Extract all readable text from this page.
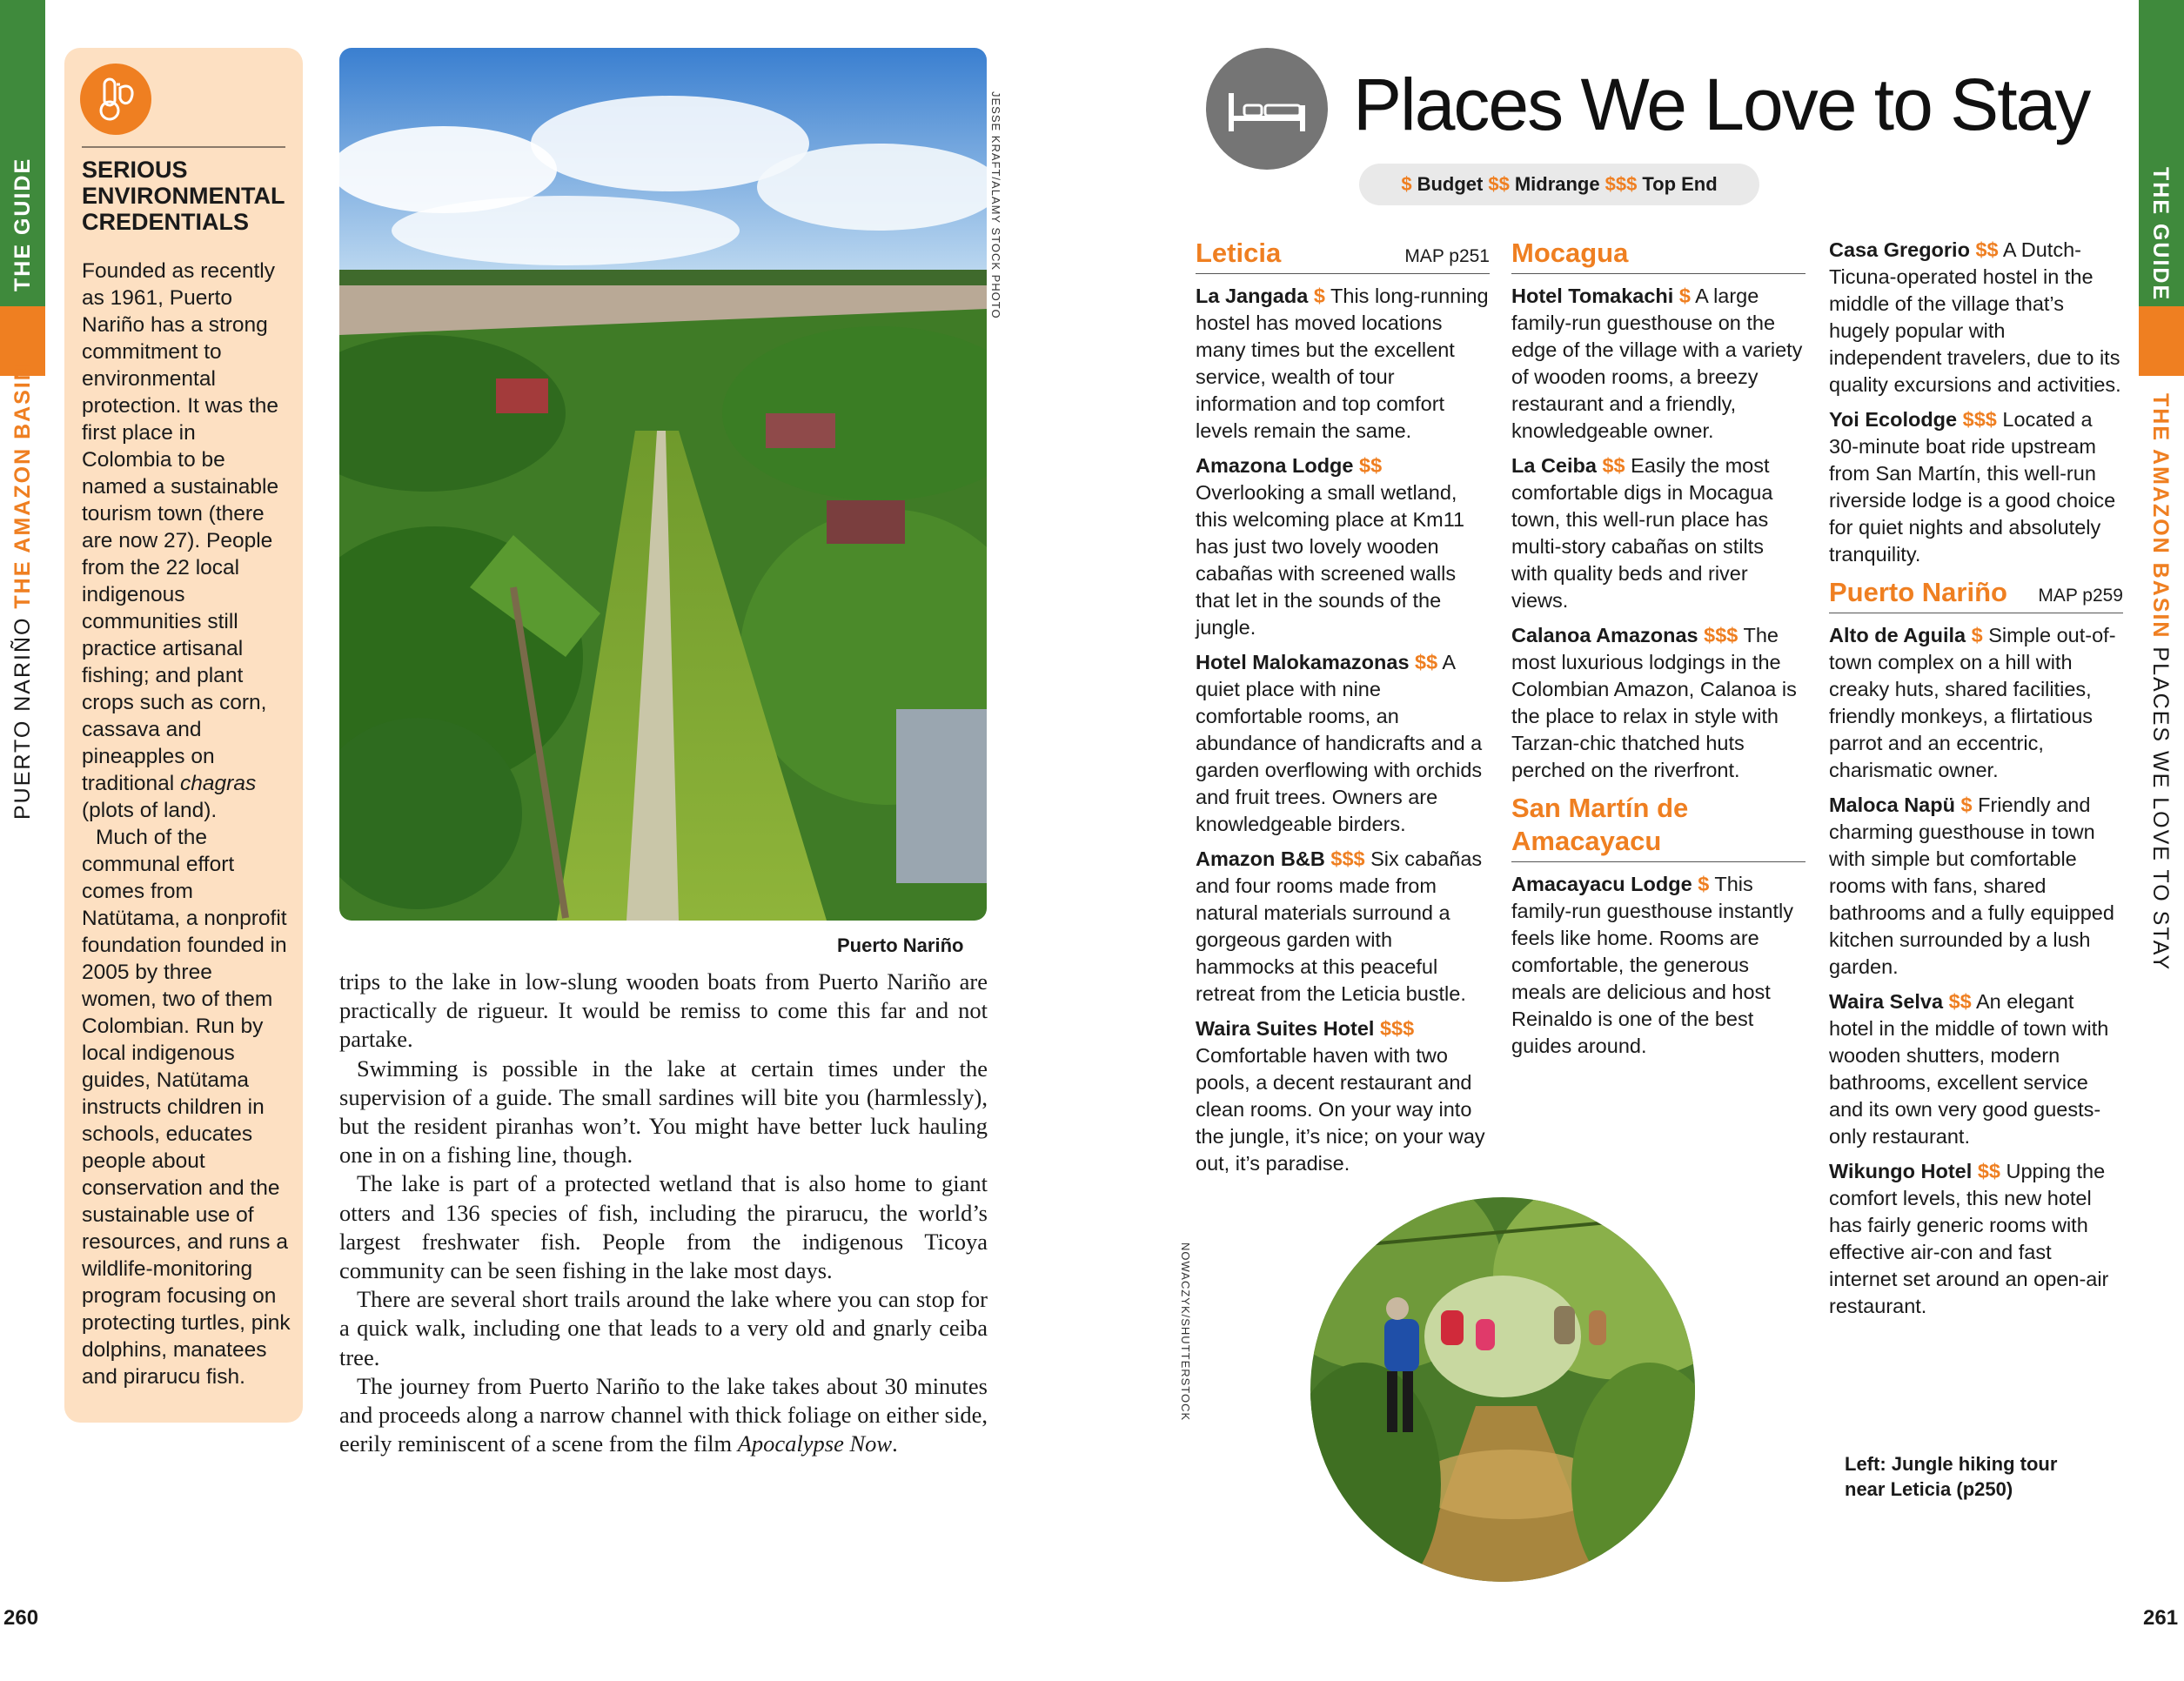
THE GUIDE
PUERTO NARIÑO THE AMAZON BASIN
SERIOUS ENVIRONMENTAL CREDENTIALS

Founded as recently as 1961, Puerto Nariño has a strong commitment to environmental protection. It was the first place in Colombia to be named a sustainable tourism town (there are now 27). People from the 22 local indigenous communities still practice artisanal fishing; and plant crops such as corn, cassava and pineapples on traditional chagras (plots of land).

Much of the communal effort comes from Natütama, a nonprofit foundation founded in 2005 by three women, two of them Colombian. Run by local indigenous guides, Natütama instructs children in schools, educates people about conservation and the sustainable use of resources, and runs a wildlife-monitoring program focusing on protecting turtles, pink dolphins, manatees and pirarucu fish.

JESSE KRAFT/ALAMY STOCK PHOTO
Puerto Nariño

trips to the lake in low-slung wooden boats from Puerto Nariño are practically de rigueur. It would be remiss to come this far and not partake.

Swimming is possible in the lake at certain times under the supervision of a guide. The small sardines will bite you (harmlessly), but the resident piranhas won’t. You might have better luck hauling one in on a fishing line, though.

The lake is part of a protected wetland that is also home to giant otters and 136 species of fish, including the pirarucu, the world’s largest freshwater fish. People from the indigenous Ticoya community can be seen fishing in the lake most days.

There are several short trails around the lake where you can stop for a quick walk, including one that leads to a very old and gnarly ceiba tree.

The journey from Puerto Nariño to the lake takes about 30 minutes and proceeds along a narrow channel with thick foliage on either side, eerily reminiscent of a scene from the film Apocalypse Now.

260
Places We Love to Stay
$ Budget $$ Midrange $$$ Top End
Leticia	MAP p251
La Jangada $ This long-running hostel has moved locations many times but the excellent service, wealth of tour information and top comfort levels remain the same.
Amazona Lodge $$ Overlooking a small wetland, this welcoming place at Km11 has just two lovely wooden cabañas with screened walls that let in the sounds of the jungle.
Hotel Malokamazonas $$ A quiet place with nine comfortable rooms, an abundance of handicrafts and a garden overflowing with orchids and fruit trees. Owners are knowledgeable birders.
Amazon B&B $$$ Six cabañas and four rooms made from natural materials surround a gorgeous garden with hammocks at this peaceful retreat from the Leticia bustle.
Waira Suites Hotel $$$ Comfortable haven with two pools, a decent restaurant and clean rooms. On your way into the jungle, it’s nice; on your way out, it’s paradise.
Mocagua
Hotel Tomakachi $ A large family-run guesthouse on the edge of the village with a variety of wooden rooms, a breezy restaurant and a friendly, knowledgeable owner.
La Ceiba $$ Easily the most comfortable digs in Mocagua town, this well-run place has multi-story cabañas on stilts with quality beds and river views.
Calanoa Amazonas $$$ The most luxurious lodgings in the Colombian Amazon, Calanoa is the place to relax in style with Tarzan-chic thatched huts perched on the riverfront.
San Martín de Amacayacu
Amacayacu Lodge $ This family-run guesthouse instantly feels like home. Rooms are comfortable, the generous meals are delicious and host Reinaldo is one of the best guides around.
Casa Gregorio $$ A Dutch-Ticuna-operated hostel in the middle of the village that’s hugely popular with independent travelers, due to its quality excursions and activities.
Yoi Ecolodge $$$ Located a 30-minute boat ride upstream from San Martín, this well-run riverside lodge is a good choice for quiet nights and absolutely tranquility.
Puerto Nariño MAP p259
Alto de Aguila $ Simple out-of-town complex on a hill with creaky huts, shared facilities, friendly monkeys, a flirtatious parrot and an eccentric, charismatic owner.
Maloca Napü $ Friendly and charming guesthouse in town with simple but comfortable rooms with fans, shared bathrooms and a fully equipped kitchen surrounded by a lush garden.
Waira Selva $$ An elegant hotel in the middle of town with wooden shutters, modern bathrooms, excellent service and its own very good guests-only restaurant.
Wikungo Hotel $$ Upping the comfort levels, this new hotel has fairly generic rooms with effective air-con and fast internet set around an open-air restaurant.
NOWACZYK/SHUTTERSTOCK
Left: Jungle hiking tour near Leticia (p250)
261
THE GUIDE
THE AMAZON BASIN PLACES WE LOVE TO STAY
